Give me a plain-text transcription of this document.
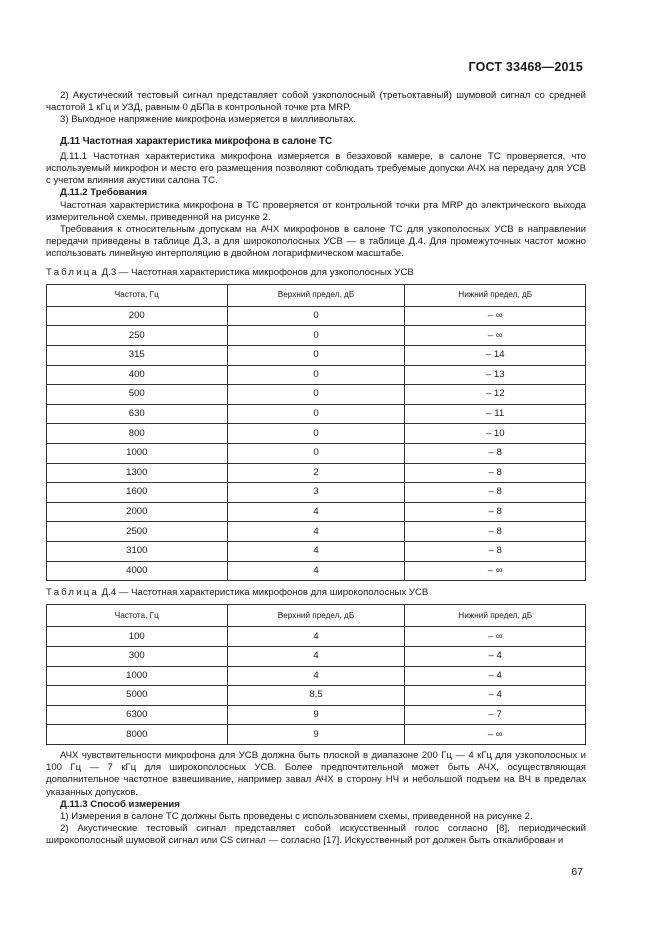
ГОСТ 33468—2015

2) Акустический тестовый сигнал представляет собой узкополосный (третьоктавный) шумовой сигнал со средней частотой 1 кГц и УЗД, равным 0 дБПа в контрольной точке рта MRP.

3) Выходное напряжение микрофона измеряется в милливольтах.

Д.11 Частотная характеристика микрофона в салоне ТС

Д.11.1 Частотная характеристика микрофона измеряется в безэховой камере, в салоне ТС проверяется, что используемый микрофон и место его размещения позволяют соблюдать требуемые допуски АЧХ на передачу для УСВ с учетом влияния акустики салона ТС.

Д.11.2 Требования

Частотная характеристика микрофона в ТС проверяется от контрольной точки рта MRP до электрического выхода измерительной схемы, приведенной на рисунке 2.

Требования к относительным допускам на АЧХ микрофонов в салоне ТС для узкополосных УСВ в направлении передачи приведены в таблице Д.3, а для широкополосных УСВ — в таблице Д.4. Для промежуточных частот можно использовать линейную интерполяцию в двойном логарифмическом масштабе.

Таблица Д.3 — Частотная характеристика микрофонов для узкополосных УСВ

Частота, Гц	Верхний предел, дБ	Нижний предел, дБ
200	0	– ∞
250	0	– ∞
315	0	– 14
400	0	– 13
500	0	– 12
630	0	– 11
800	0	– 10
1000	0	– 8
1300	2	– 8
1600	3	– 8
2000	4	– 8
2500	4	– 8
3100	4	– 8
4000	4	– ∞

Таблица Д.4 — Частотная характеристика микрофонов для широкополосных УСВ

Частота, Гц	Верхний предел, дБ	Нижний предел, дБ
100	4	– ∞
300	4	– 4
1000	4	– 4
5000	8,5	– 4
6300	9	– 7
8000	9	– ∞

АЧХ чувствительности микрофона для УСВ должна быть плоской в диапазоне 200 Гц — 4 кГц для узкополосных и 100 Гц — 7 кГц для широкополосных УСВ. Более предпочтительной может быть АЧХ, осуществляющая дополнительное частотное взвешивание, например завал АЧХ в сторону НЧ и небольшой подъем на ВЧ в пределах указанных допусков.

Д.11.3 Способ измерения

1) Измерения в салоне ТС должны быть проведены с использованием схемы, приведенной на рисунке 2.

2) Акустические тестовый сигнал представляет собой искусственный голос согласно [8], периодический широкополосный шумовой сигнал или CS сигнал — согласно [17]. Искусственный рот должен быть откалиброван и

67
